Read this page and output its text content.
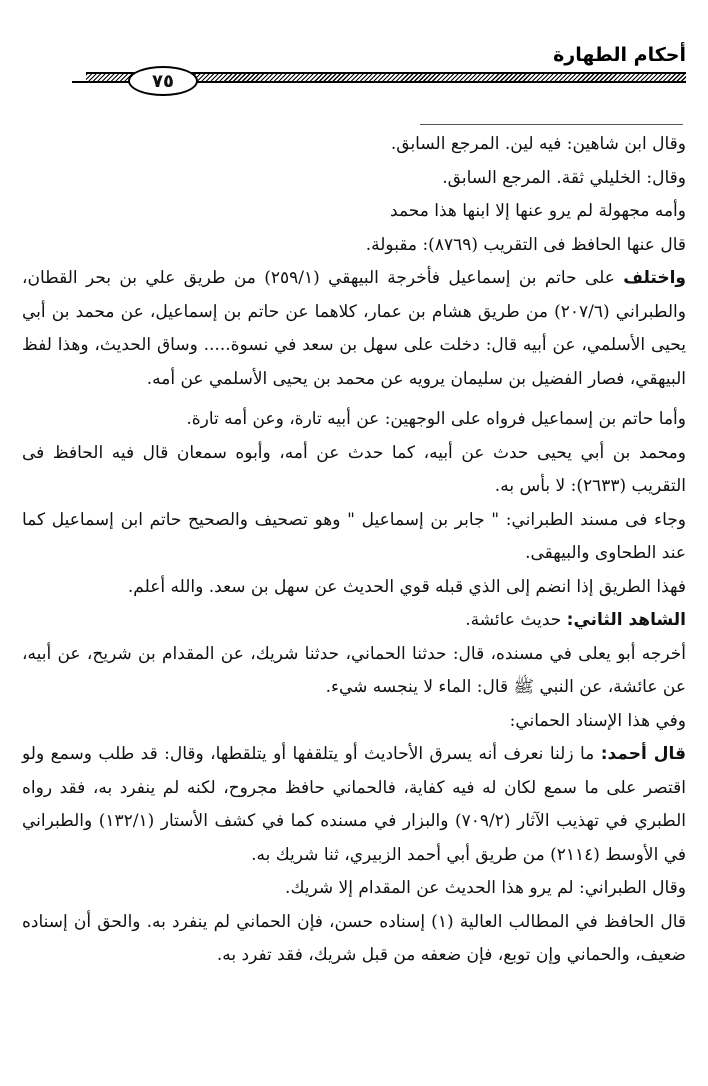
أحكام الطهارة
٧٥

وقال ابن شاهين: فيه لين. المرجع السابق.

وقال: الخليلي ثقة. المرجع السابق.

وأمه مجهولة لم يرو عنها إلا ابنها هذا محمد

قال عنها الحافظ فى التقريب (٨٧٦٩): مقبولة.

واختلف على حاتم بن إسماعيل فأخرجة البيهقي (٢٥٩/١) من طريق علي بن بحر القطان، والطبراني (٢٠٧/٦) من طريق هشام بن عمار، كلاهما عن حاتم بن إسماعيل، عن محمد بن أبي يحيى الأسلمي، عن أبيه قال: دخلت على سهل بن سعد في نسوة..... وساق الحديث، وهذا لفظ البيهقي، فصار الفضيل بن سليمان يرويه عن محمد بن يحيى الأسلمي عن أمه.

وأما حاتم بن إسماعيل فرواه على الوجهين: عن أبيه تارة، وعن أمه تارة.

ومحمد بن أبي يحيى حدث عن أبيه، كما حدث عن أمه، وأبوه سمعان قال فيه الحافظ فى التقريب (٢٦٣٣): لا بأس به.

وجاء فى مسند الطبراني: " جابر بن إسماعيل " وهو تصحيف والصحيح حاتم ابن إسماعيل كما عند الطحاوى والبيهقى.

فهذا الطريق إذا انضم إلى الذي قبله قوي الحديث عن سهل بن سعد. والله أعلم.

الشاهد الثاني: حديث عائشة.

أخرجه أبو يعلى في مسنده، قال: حدثنا الحماني، حدثنا شريك، عن المقدام بن شريح، عن أبيه، عن عائشة، عن النبي ﷺ قال: الماء لا ينجسه شيء.

وفي هذا الإسناد الحماني:

قال أحمد: ما زلنا نعرف أنه يسرق الأحاديث أو يتلقفها أو يتلقطها، وقال: قد طلب وسمع ولو اقتصر على ما سمع لكان له فيه كفاية، فالحماني حافظ مجروح، لكنه لم ينفرد به، فقد رواه الطبري في تهذيب الآثار (٧٠٩/٢) والبزار في مسنده كما في كشف الأستار (١٣٢/١) والطبراني في الأوسط (٢١١٤) من طريق أبي أحمد الزبيري، ثنا شريك به.

وقال الطبراني: لم يرو هذا الحديث عن المقدام إلا شريك.

قال الحافظ في المطالب العالية (١) إسناده حسن، فإن الحماني لم ينفرد به. والحق أن إسناده ضعيف، والحماني وإن توبع، فإن ضعفه من قبل شريك، فقد تفرد به.
